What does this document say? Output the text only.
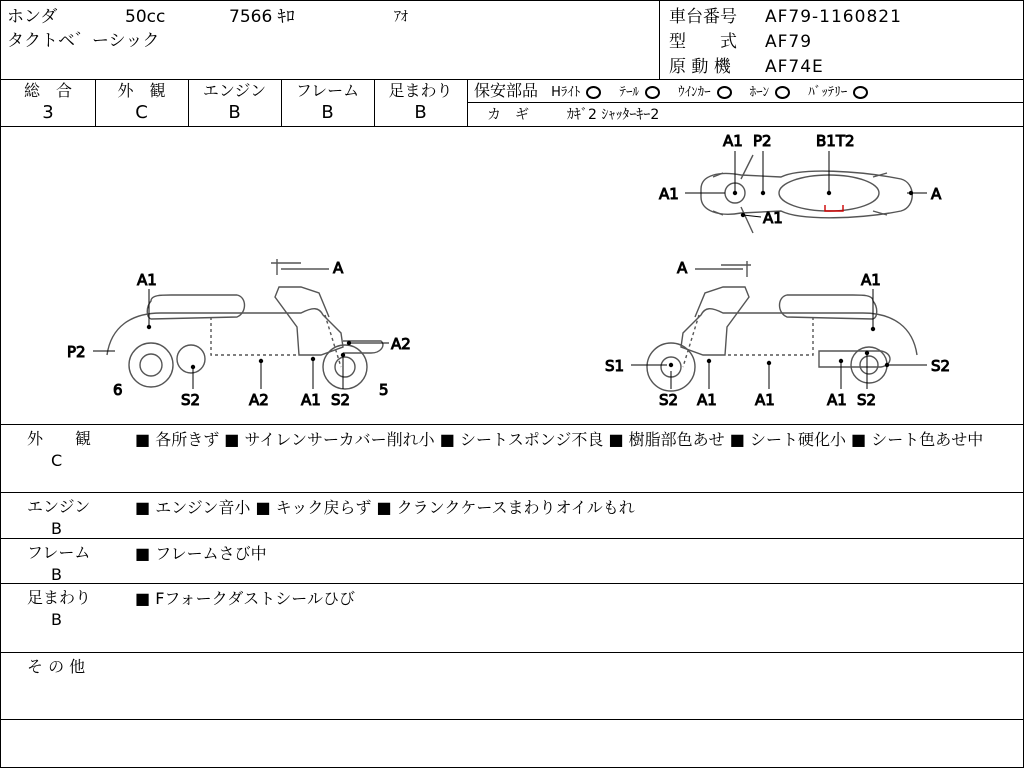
ホンダ	50cc	7566 ｷﾛ	ｱｵ
タクトベ゛ーシック
車台番号 AF79-1160821
型　　式 AF79
原 動 機 AF74E
総　合
3
外　観
C
エンジン
B
フレーム
B
足まわり
B
保安部品 Hﾗｲﾄ	ﾃｰﾙ	ｳｲﾝｶｰ	ﾎｰﾝ	ﾊﾞｯﾃﾘｰ
カ　ギ	ｶｷﾞ2 ｼｬｯﾀｰｷｰ2
A1 P2	B1T2
A1	A
A1
A
A1
P2
6
S2	A2 A1 S2
5
A2
A
A1
S1
S2 A1	A1	A1 S2
S2
外　　観
C
■ 各所きず ■ サイレンサーカバー削れ小 ■ シートスポンジ不良 ■ 樹脂部色あせ ■ シート硬化小 ■ シート色あせ中
エンジン
B
■ エンジン音小 ■ キック戻らず ■ クランクケースまわりオイルもれ
フレーム
B
■ フレームさび中
足まわり
B
■ Fフォークダストシールひび
そ の 他
